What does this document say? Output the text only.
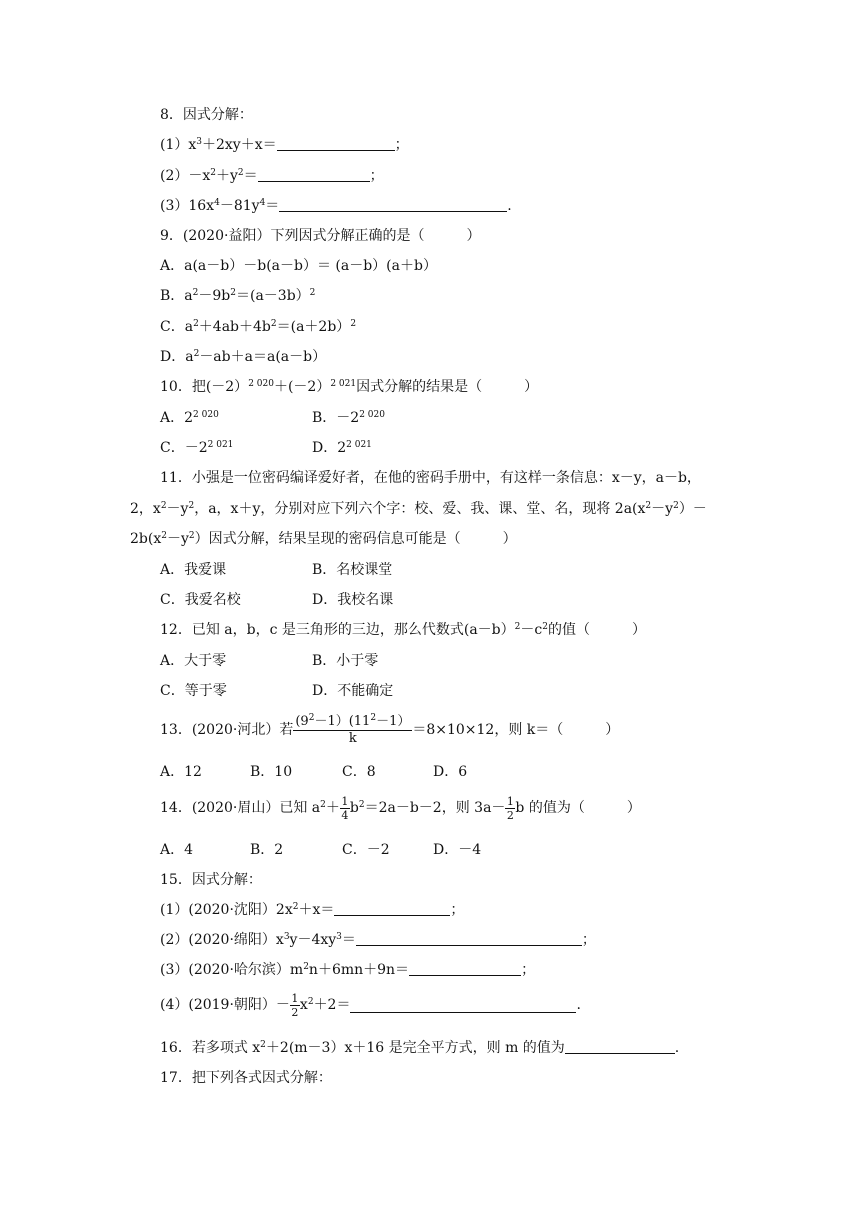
8．因式分解：
$(1)x^3+2xy+x=$	；
$(2)-x^2+y^2=$	；
$(3)16x^4-81y^4=$	.
9．(2020·益阳）下列因式分解正确的是（　　　）
A．a(a－b）－b(a－b）＝ (a－b）(a＋b）
B．$a^2-9b^2=(a-3b)^2$
C．$a^2+4ab+4b^2=(a+2b)^2$
D．$a^2-ab+a=a(a-b)$
10．把(－2）$^{2 020}$＋(－2）$^{2 021}$因式分解的结果是（　　　）
A．$2^{2 020}$	B．$-2^{2 020}$
C．$-2^{2 021}$	D．$2^{2 021}$
11．小强是一位密码编译爱好者，在他的密码手册中，有这样一条信息：x－y，a－b，
2，$x^2-y^2$，a，x＋y，分别对应下列六个字：校、爱、我、课、堂、名，现将 $2a(x^2-y^2)-$
$2b(x^2-y^2)$因式分解，结果呈现的密码信息可能是（　　　）
A．我爱课	B．名校课堂
C．我爱名校	D．我校名课
12．已知 a，b，c 是三角形的三边，那么代数式$(a-b)^2-c^2$的值（　　　）
A．大于零	B．小于零
C．等于零	D．不能确定
13．(2020·河北）若 $\frac{(9^2-1)(11^2-1)}{k} =8\times 10\times 12$，则 k＝（　　　）
A．12	B．10	C．8	D．6
14．(2020·眉山）已知 $a^2+ \frac{1}{4} b^2=2a-b-2$，则 $3a- \frac{1}{2}$ b 的值为（　　　）
A．4	B．2	C．－2	D．－4
15．因式分解：
(1）(2020·沈阳）$2x^2+x=$	；
(2）(2020·绵阳）$x^3y-4xy^3=$	；
(3）(2020·哈尔滨）$m^2n+6mn+9n=$	；
(4）(2019·朝阳）－ $\frac{1}{2} x^2+2=$	.
16．若多项式 $x^2+2(m-3)x+16$ 是完全平方式，则 m 的值为	.
17．把下列各式因式分解：
